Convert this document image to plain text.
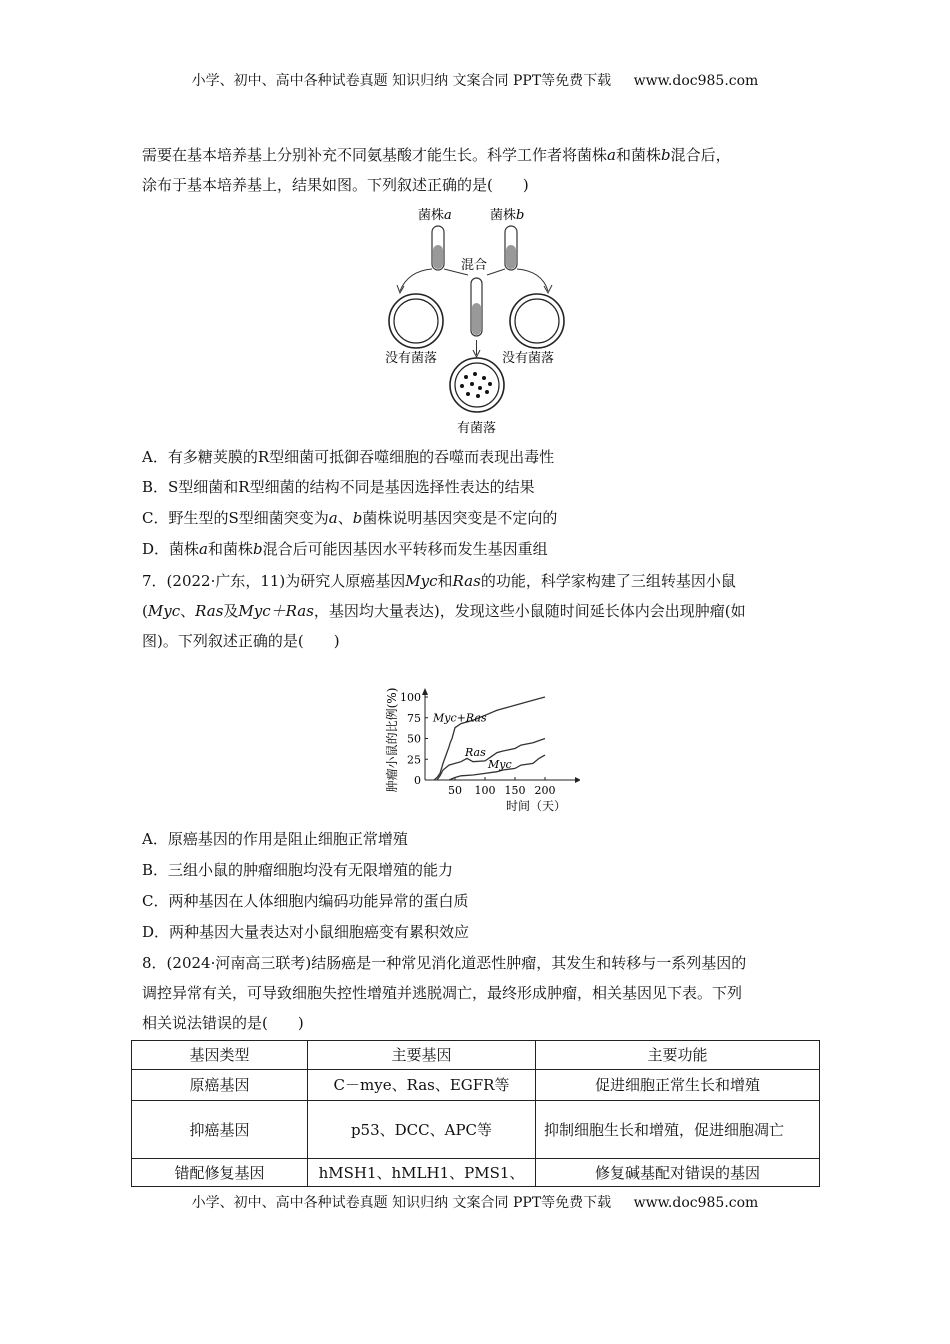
小学、初中、高中各种试卷真题 知识归纳 文案合同 PPT等免费下载 www.doc985.com
需要在基本培养基上分别补充不同氨基酸才能生长。科学工作者将菌株a和菌株b混合后，
涂布于基本培养基上，结果如图。下列叙述正确的是(　　)
菌株a	菌株b
混合
没有菌落	没有菌落
有菌落
A．有多糖荚膜的R型细菌可抵御吞噬细胞的吞噬而表现出毒性
B．S型细菌和R型细菌的结构不同是基因选择性表达的结果
C．野生型的S型细菌突变为a、b菌株说明基因突变是不定向的
D．菌株a和菌株b混合后可能因基因水平转移而发生基因重组
7．(2022·广东，11)为研究人原癌基因Myc和Ras的功能，科学家构建了三组转基因小鼠
(Myc、Ras及Myc＋Ras，基因均大量表达)，发现这些小鼠随时间延长体内会出现肿瘤(如
图)。下列叙述正确的是(　　)
肿瘤小鼠的比例(%) 0
25
50
75
100
50 100 150 200
Myc+Ras
Ras
Myc
时间（天）
A．原癌基因的作用是阻止细胞正常增殖
B．三组小鼠的肿瘤细胞均没有无限增殖的能力
C．两种基因在人体细胞内编码功能异常的蛋白质
D．两种基因大量表达对小鼠细胞癌变有累积效应
8．(2024·河南高三联考)结肠癌是一种常见消化道恶性肿瘤，其发生和转移与一系列基因的
调控异常有关，可导致细胞失控性增殖并逃脱凋亡，最终形成肿瘤，相关基因见下表。下列
相关说法错误的是(　　)
基因类型	主要基因	主要功能
原癌基因	C－mye、Ras、EGFR等	促进细胞正常生长和增殖
抑癌基因	p53、DCC、APC等	抑制细胞生长和增殖，促进细胞凋亡
错配修复基因	hMSH1、hMLH1、PMS1、	修复碱基配对错误的基因
小学、初中、高中各种试卷真题 知识归纳 文案合同 PPT等免费下载 www.doc985.com
